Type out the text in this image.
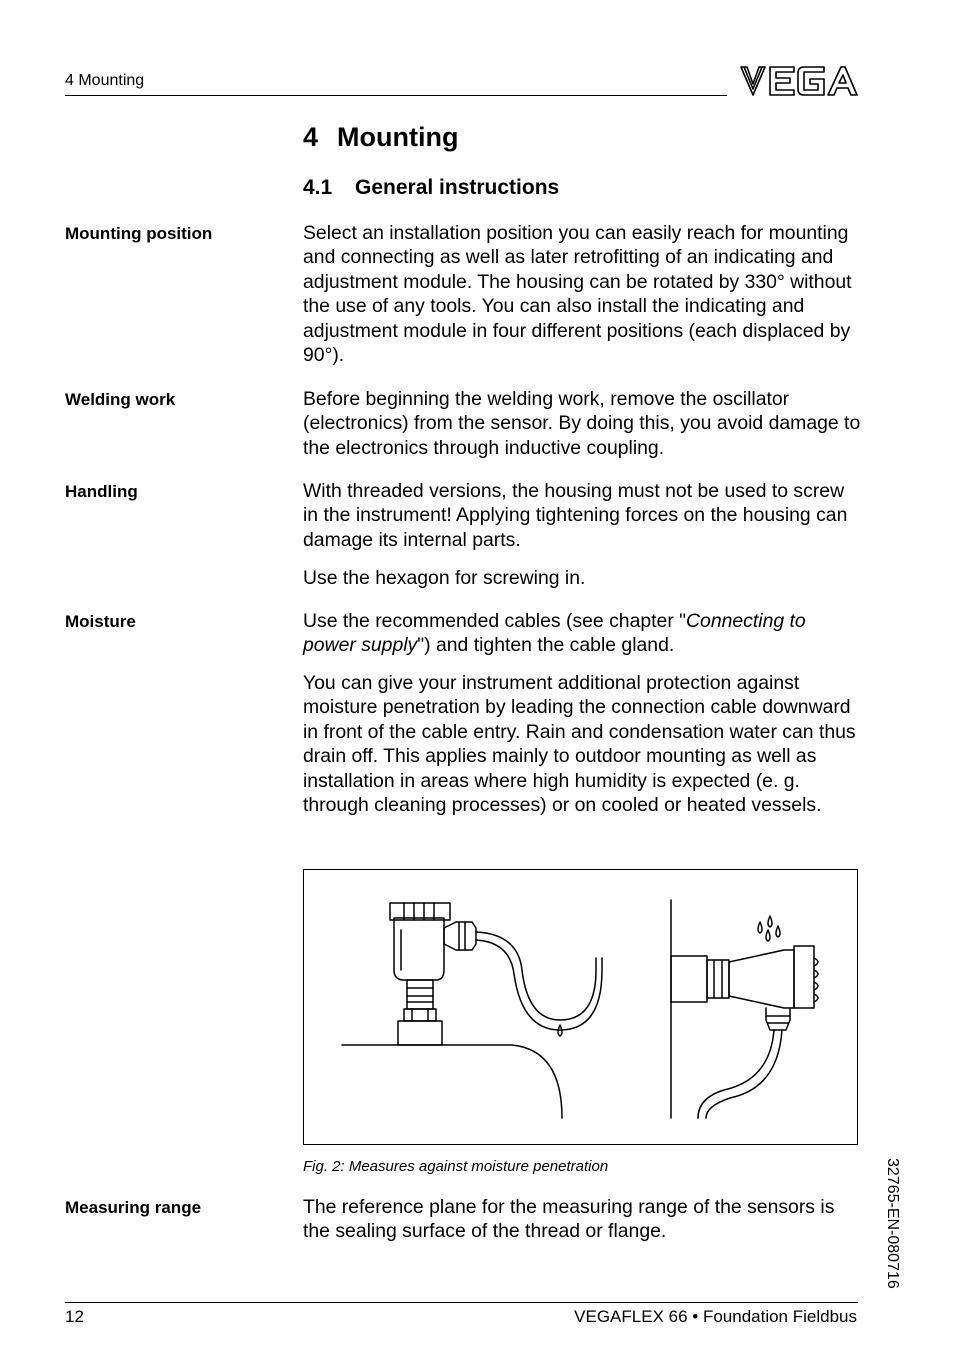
4 Mounting
4 Mounting
4.1 General instructions
Mounting position	Select an installation position you can easily reach for mounting and connecting as well as later retrofitting of an indicating and adjustment module. The housing can be rotated by 330° without the use of any tools. You can also install the indicating and adjustment module in four different positions (each displaced by 90°).
Welding work	Before beginning the welding work, remove the oscillator (electronics) from the sensor. By doing this, you avoid damage to the electronics through inductive coupling.
Handling	With threaded versions, the housing must not be used to screw in the instrument! Applying tightening forces on the housing can damage its internal parts.
Use the hexagon for screwing in.
Moisture	Use the recommended cables (see chapter "Connecting to power supply") and tighten the cable gland.
You can give your instrument additional protection against moisture penetration by leading the connection cable downward in front of the cable entry. Rain and condensation water can thus drain off. This applies mainly to outdoor mounting as well as installation in areas where high humidity is expected (e. g. through cleaning processes) or on cooled or heated vessels.
Fig. 2: Measures against moisture penetration
Measuring range	The reference plane for the measuring range of the sensors is the sealing surface of the thread or flange.	32765-EN-080716
12	VEGAFLEX 66 • Foundation Fieldbus
